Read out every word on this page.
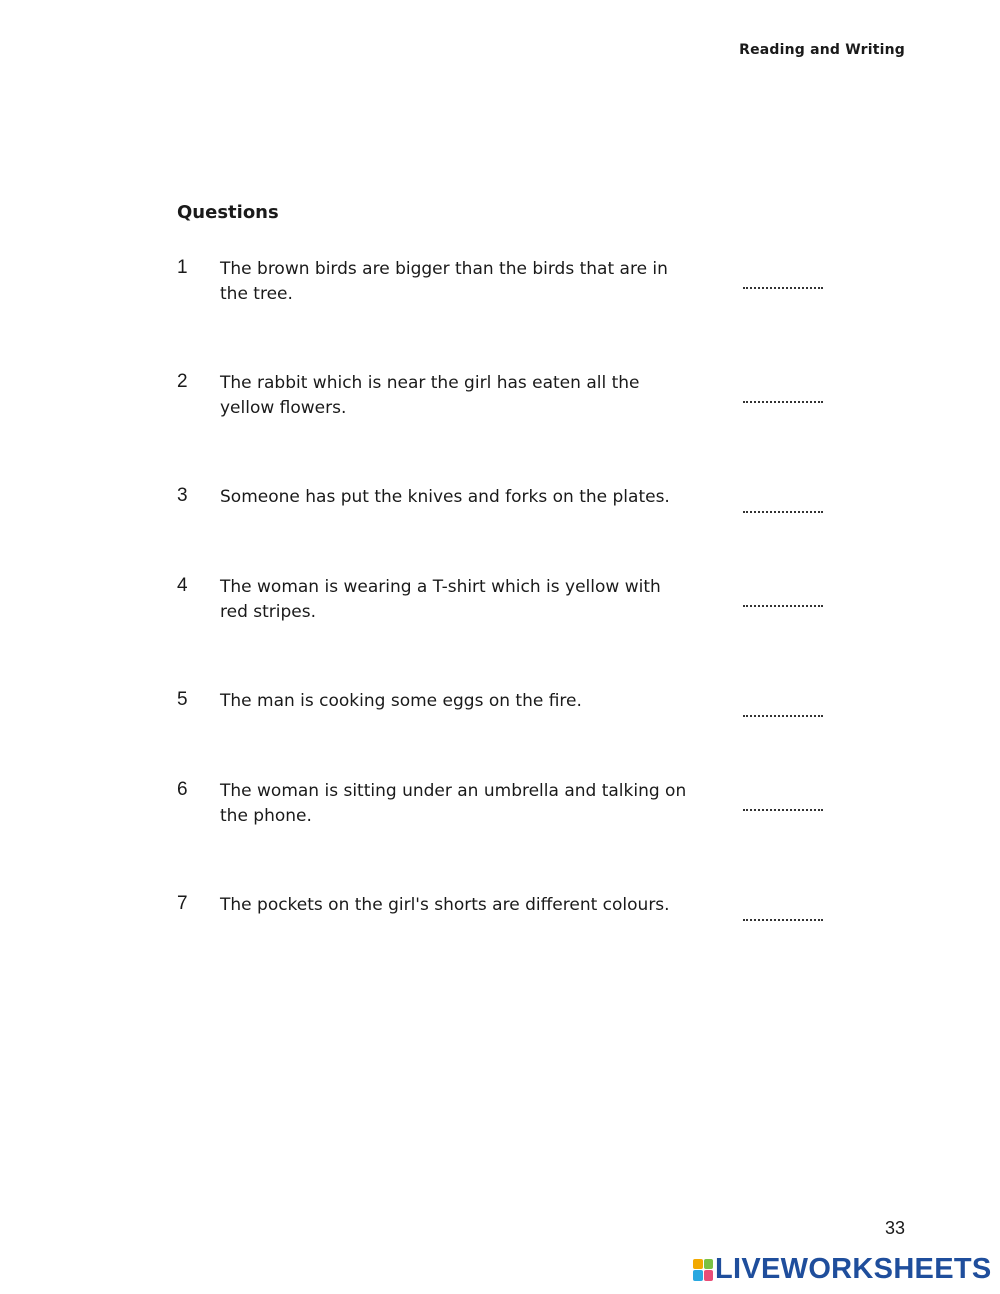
Reading and Writing
Questions
1 The brown birds are bigger than the birds that are in the tree.
2 The rabbit which is near the girl has eaten all the yellow flowers.
3 Someone has put the knives and forks on the plates.
4 The woman is wearing a T-shirt which is yellow with red stripes.
5 The man is cooking some eggs on the fire.
6 The woman is sitting under an umbrella and talking on the phone.
7 The pockets on the girl's shorts are different colours.
33
LIVEWORKSHEETS
